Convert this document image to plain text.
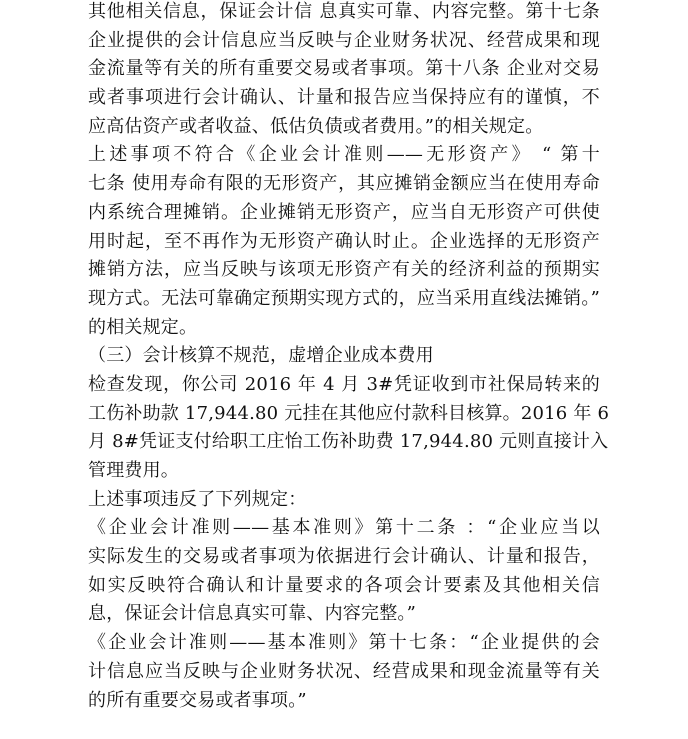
其他相关信息，保证会计信 息真实可靠、内容完整。第十七条
企业提供的会计信息应当反映与企业财务状况、经营成果和现
金流量等有关的所有重要交易或者事项。第十八条 企业对交易
或者事项进行会计确认、计量和报告应当保持应有的谨慎，不
应高估资产或者收益、低估负债或者费用。”的相关规定。
上述事项不符合《企业会计准则——无形资产》 “ 第十
七条 使用寿命有限的无形资产，其应摊销金额应当在使用寿命
内系统合理摊销。企业摊销无形资产，应当自无形资产可供使
用时起，至不再作为无形资产确认时止。企业选择的无形资产
摊销方法，应当反映与该项无形资产有关的经济利益的预期实
现方式。无法可靠确定预期实现方式的，应当采用直线法摊销。”
的相关规定。
（三）会计核算不规范，虚增企业成本费用
检查发现，你公司 2016 年 4 月 3#凭证收到市社保局转来的
工伤补助款 17,944.80 元挂在其他应付款科目核算。2016 年 6
月 8#凭证支付给职工庄怡工伤补助费 17,944.80 元则直接计入
管理费用。
上述事项违反了下列规定：
《企业会计准则——基本准则》第十二条 ：“企业应当以
实际发生的交易或者事项为依据进行会计确认、计量和报告，
如实反映符合确认和计量要求的各项会计要素及其他相关信
息，保证会计信息真实可靠、内容完整。”
《企业会计准则——基本准则》第十七条：“企业提供的会
计信息应当反映与企业财务状况、经营成果和现金流量等有关
的所有重要交易或者事项。”
